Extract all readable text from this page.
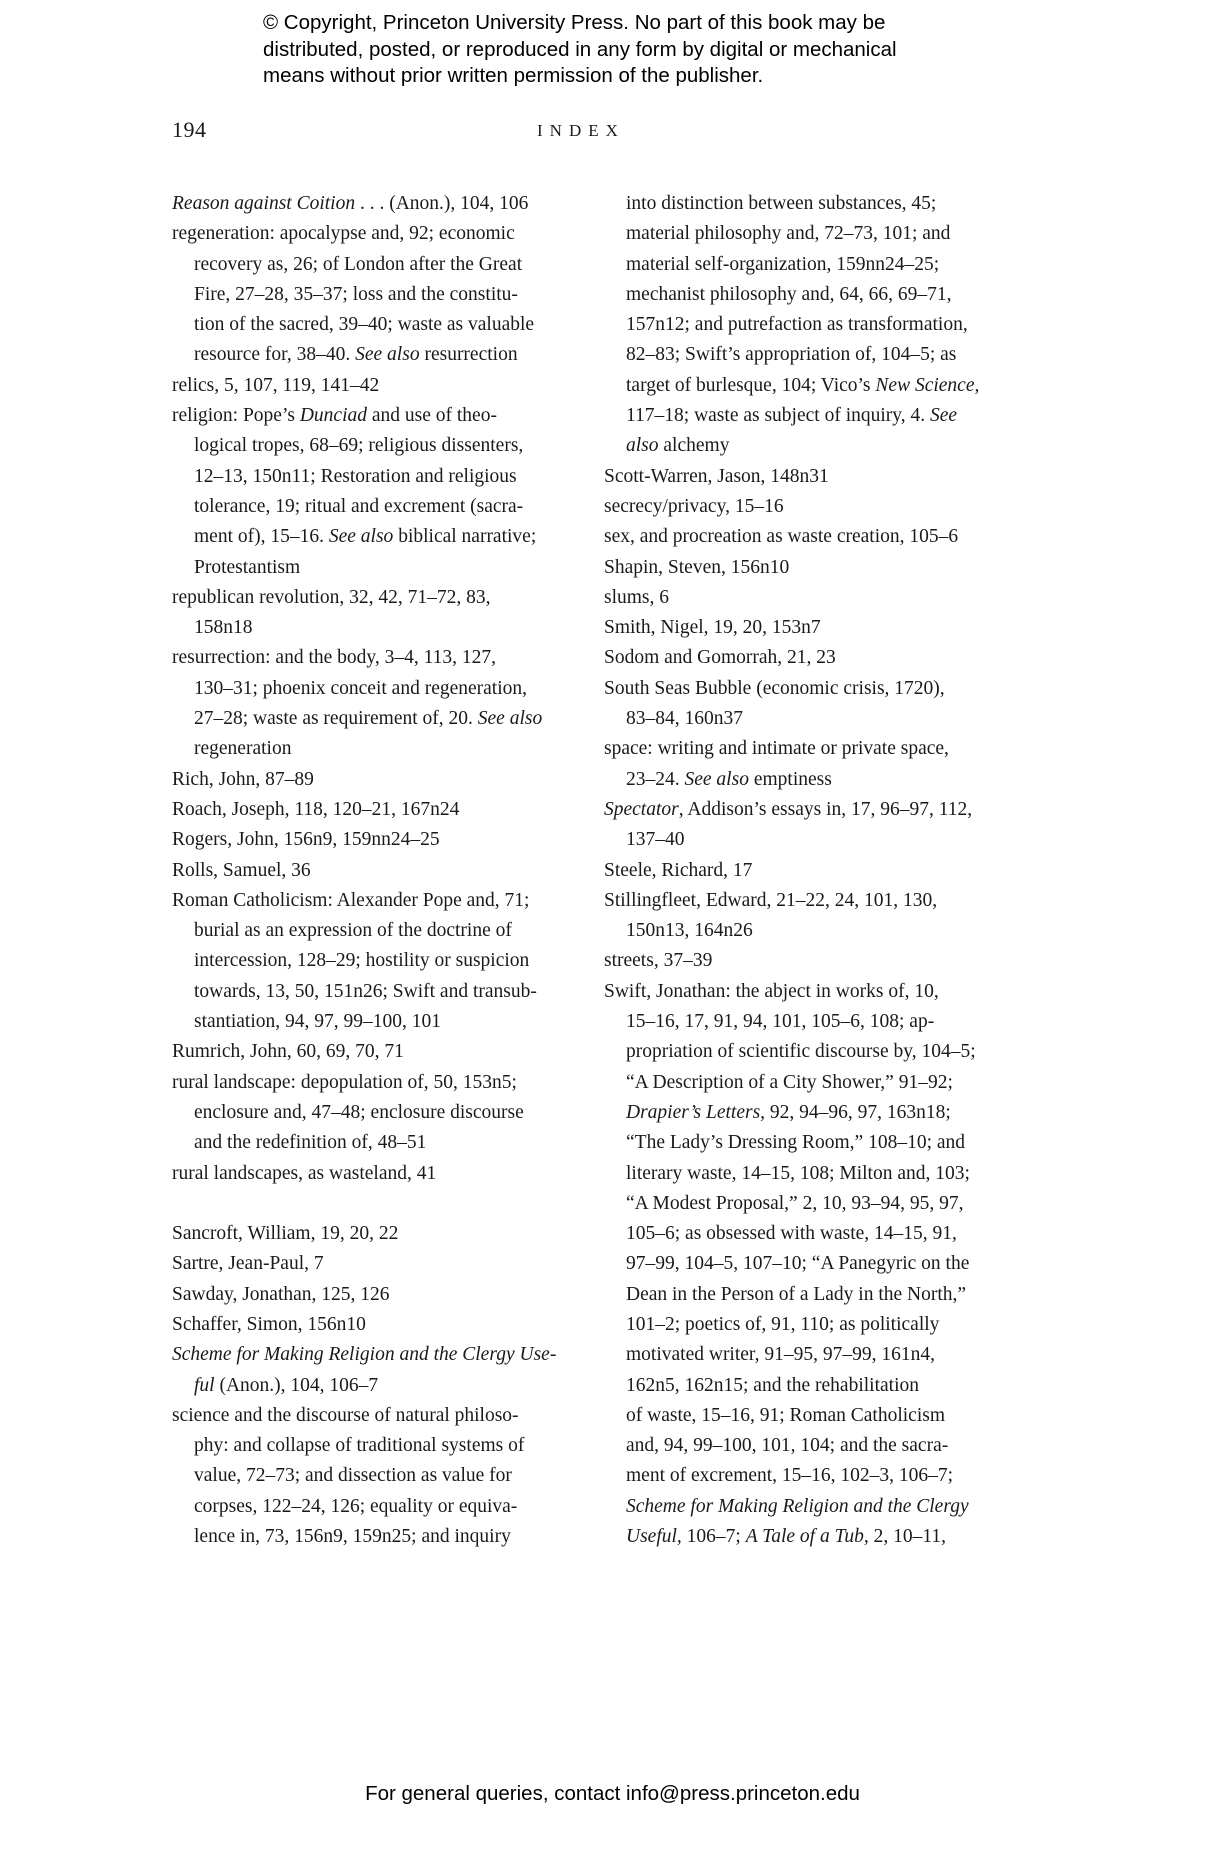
© Copyright, Princeton University Press. No part of this book may be
distributed, posted, or reproduced in any form by digital or mechanical
means without prior written permission of the publisher.
194	INDEX
Reason against Coition . . . (Anon.), 104, 106
regeneration: apocalypse and, 92; economic
recovery as, 26; of London after the Great
Fire, 27–28, 35–37; loss and the constitu-
tion of the sacred, 39–40; waste as valuable
resource for, 38–40. See also resurrection
relics, 5, 107, 119, 141–42
religion: Pope’s Dunciad and use of theo-
logical tropes, 68–69; religious dissenters,
12–13, 150n11; Restoration and religious
tolerance, 19; ritual and excrement (sacra-
ment of), 15–16. See also biblical narrative;
Protestantism
republican revolution, 32, 42, 71–72, 83,
158n18
resurrection: and the body, 3–4, 113, 127,
130–31; phoenix conceit and regeneration,
27–28; waste as requirement of, 20. See also
regeneration
Rich, John, 87–89
Roach, Joseph, 118, 120–21, 167n24
Rogers, John, 156n9, 159nn24–25
Rolls, Samuel, 36
Roman Catholicism: Alexander Pope and, 71;
burial as an expression of the doctrine of
intercession, 128–29; hostility or suspicion
towards, 13, 50, 151n26; Swift and transub-
stantiation, 94, 97, 99–100, 101
Rumrich, John, 60, 69, 70, 71
rural landscape: depopulation of, 50, 153n5;
enclosure and, 47–48; enclosure discourse
and the redefinition of, 48–51
rural landscapes, as wasteland, 41
Sancroft, William, 19, 20, 22
Sartre, Jean-Paul, 7
Sawday, Jonathan, 125, 126
Schaffer, Simon, 156n10
Scheme for Making Religion and the Clergy Use-
ful (Anon.), 104, 106–7
science and the discourse of natural philoso-
phy: and collapse of traditional systems of
value, 72–73; and dissection as value for
corpses, 122–24, 126; equality or equiva-
lence in, 73, 156n9, 159n25; and inquiry
into distinction between substances, 45;
material philosophy and, 72–73, 101; and
material self-organization, 159nn24–25;
mechanist philosophy and, 64, 66, 69–71,
157n12; and putrefaction as transformation,
82–83; Swift’s appropriation of, 104–5; as
target of burlesque, 104; Vico’s New Science,
117–18; waste as subject of inquiry, 4. See
also alchemy
Scott-Warren, Jason, 148n31
secrecy/privacy, 15–16
sex, and procreation as waste creation, 105–6
Shapin, Steven, 156n10
slums, 6
Smith, Nigel, 19, 20, 153n7
Sodom and Gomorrah, 21, 23
South Seas Bubble (economic crisis, 1720),
83–84, 160n37
space: writing and intimate or private space,
23–24. See also emptiness
Spectator, Addison’s essays in, 17, 96–97, 112,
137–40
Steele, Richard, 17
Stillingfleet, Edward, 21–22, 24, 101, 130,
150n13, 164n26
streets, 37–39
Swift, Jonathan: the abject in works of, 10,
15–16, 17, 91, 94, 101, 105–6, 108; ap-
propriation of scientific discourse by, 104–5;
“A Description of a City Shower,” 91–92;
Drapier’s Letters, 92, 94–96, 97, 163n18;
“The Lady’s Dressing Room,” 108–10; and
literary waste, 14–15, 108; Milton and, 103;
“A Modest Proposal,” 2, 10, 93–94, 95, 97,
105–6; as obsessed with waste, 14–15, 91,
97–99, 104–5, 107–10; “A Panegyric on the
Dean in the Person of a Lady in the North,”
101–2; poetics of, 91, 110; as politically
motivated writer, 91–95, 97–99, 161n4,
162n5, 162n15; and the rehabilitation
of waste, 15–16, 91; Roman Catholicism
and, 94, 99–100, 101, 104; and the sacra-
ment of excrement, 15–16, 102–3, 106–7;
Scheme for Making Religion and the Clergy
Useful, 106–7; A Tale of a Tub, 2, 10–11,
For general queries, contact info@press.princeton.edu
